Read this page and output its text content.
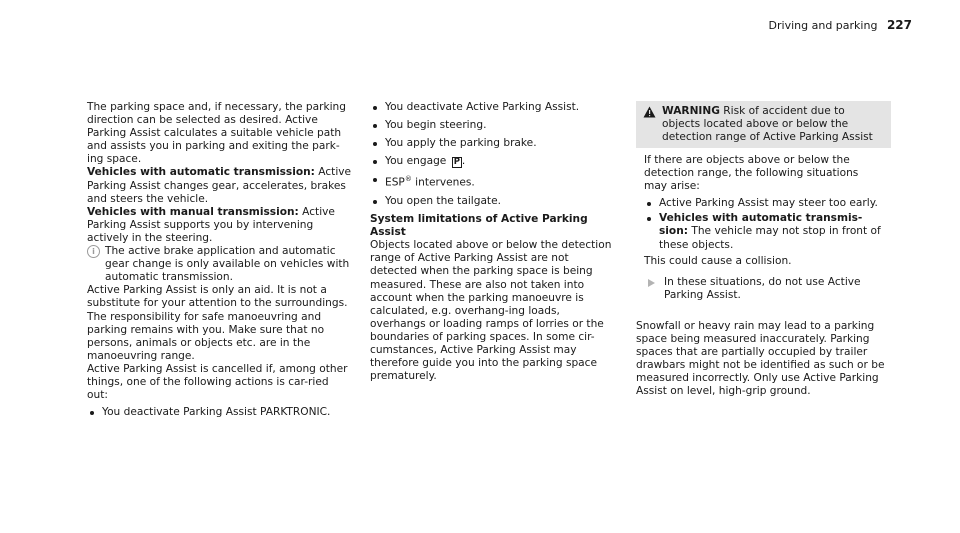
Driving and parking 227

The parking space and, if necessary, the parking direction can be selected as desired. Active Parking Assist calculates a suitable vehicle path and assists you in parking and exiting the park-ing space.

Vehicles with automatic transmission: Active Parking Assist changes gear, accelerates, brakes and steers the vehicle.

Vehicles with manual transmission: Active Parking Assist supports you by intervening actively in the steering.

i The active brake application and automatic gear change is only available on vehicles with automatic transmission.

Active Parking Assist is only an aid. It is not a substitute for your attention to the surroundings. The responsibility for safe manoeuvring and parking remains with you. Make sure that no persons, animals or objects etc. are in the manoeuvring range.

Active Parking Assist is cancelled if, among other things, one of the following actions is car-ried out:

You deactivate Parking Assist PARKTRONIC.
You deactivate Active Parking Assist.
You begin steering.
You apply the parking brake.
You engage P .
ESP® intervenes.
You open the tailgate.

System limitations of Active Parking Assist

Objects located above or below the detection range of Active Parking Assist are not detected when the parking space is being measured. These are also not taken into account when the parking manoeuvre is calculated, e.g. overhang-ing loads, overhangs or loading ramps of lorries or the boundaries of parking spaces. In some cir-cumstances, Active Parking Assist may therefore guide you into the parking space prematurely.

WARNING Risk of accident due to objects located above or below the detection range of Active Parking Assist

If there are objects above or below the detection range, the following situations may arise:

Active Parking Assist may steer too early.
Vehicles with automatic transmis-sion: The vehicle may not stop in front of these objects.

This could cause a collision.

In these situations, do not use Active Parking Assist.

Snowfall or heavy rain may lead to a parking space being measured inaccurately. Parking spaces that are partially occupied by trailer drawbars might not be identified as such or be measured incorrectly. Only use Active Parking Assist on level, high-grip ground.
